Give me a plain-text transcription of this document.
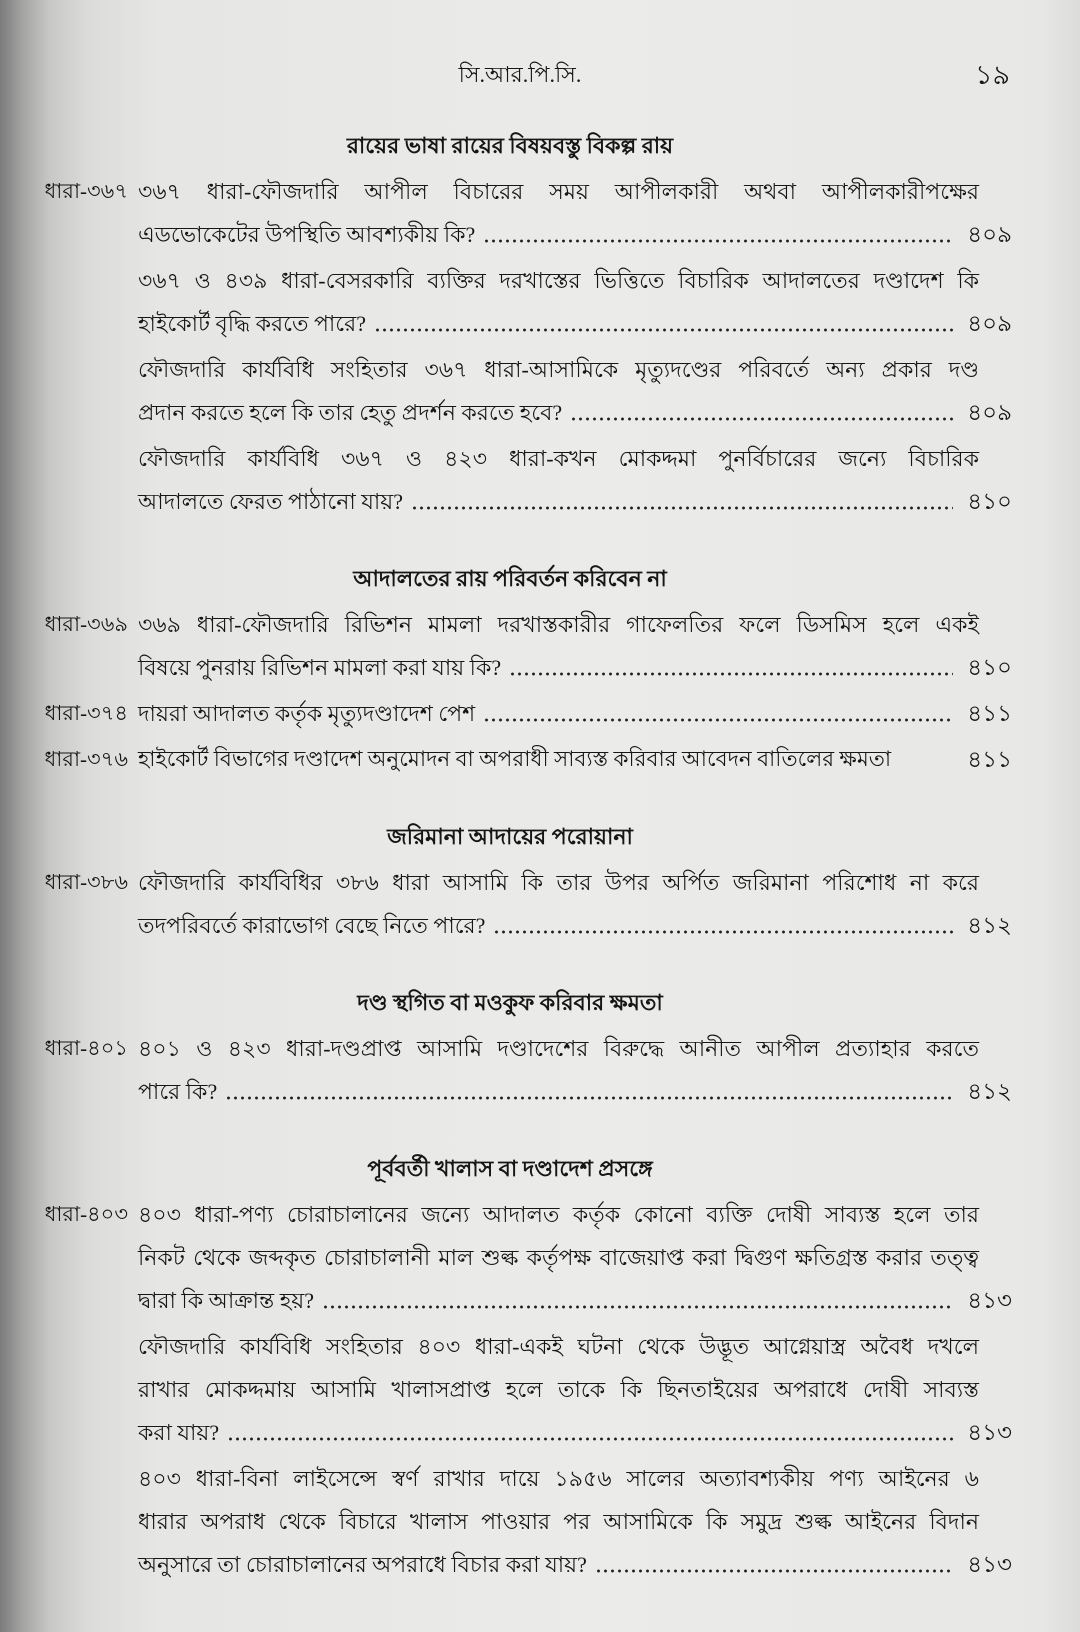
সি.আর.পি.সি.	১৯
রায়ের ভাষা রায়ের বিষয়বস্তু বিকল্প রায়
ধারা-৩৬৭ ৩৬৭ ধারা-ফৌজদারি আপীল বিচারের সময় আপীলকারী অথবা আপীলকারীপক্ষের
এডভোকেটের উপস্থিতি আবশ্যকীয় কি?	৪০৯
৩৬৭ ও ৪৩৯ ধারা-বেসরকারি ব্যক্তির দরখাস্তের ভিত্তিতে বিচারিক আদালতের দণ্ডাদেশ কি
হাইকোর্ট বৃদ্ধি করতে পারে?	৪০৯
ফৌজদারি কার্যবিধি সংহিতার ৩৬৭ ধারা-আসামিকে মৃত্যুদণ্ডের পরিবর্তে অন্য প্রকার দণ্ড
প্রদান করতে হলে কি তার হেতু প্রদর্শন করতে হবে?	৪০৯
ফৌজদারি কার্যবিধি ৩৬৭ ও ৪২৩ ধারা-কখন মোকদ্দমা পুনর্বিচারের জন্যে বিচারিক
আদালতে ফেরত পাঠানো যায়?	৪১০
আদালতের রায় পরিবর্তন করিবেন না
ধারা-৩৬৯ ৩৬৯ ধারা-ফৌজদারি রিভিশন মামলা দরখাস্তকারীর গাফেলতির ফলে ডিসমিস হলে একই
বিষয়ে পুনরায় রিভিশন মামলা করা যায় কি?	৪১০
ধারা-৩৭৪ দায়রা আদালত কর্তৃক মৃত্যুদণ্ডাদেশ পেশ	৪১১
ধারা-৩৭৬ হাইকোর্ট বিভাগের দণ্ডাদেশ অনুমোদন বা অপরাধী সাব্যস্ত করিবার আবেদন বাতিলের ক্ষমতা	৪১১
জরিমানা আদায়ের পরোয়ানা
ধারা-৩৮৬ ফৌজদারি কার্যবিধির ৩৮৬ ধারা আসামি কি তার উপর অর্পিত জরিমানা পরিশোধ না করে
তদপরিবর্তে কারাভোগ বেছে নিতে পারে?	৪১২
দণ্ড স্থগিত বা মওকুফ করিবার ক্ষমতা
ধারা-৪০১ ৪০১ ও ৪২৩ ধারা-দণ্ডপ্রাপ্ত আসামি দণ্ডাদেশের বিরুদ্ধে আনীত আপীল প্রত্যাহার করতে
পারে কি?	৪১২
পূর্ববর্তী খালাস বা দণ্ডাদেশ প্রসঙ্গে
ধারা-৪০৩ ৪০৩ ধারা-পণ্য চোরাচালানের জন্যে আদালত কর্তৃক কোনো ব্যক্তি দোষী সাব্যস্ত হলে তার
নিকট থেকে জব্দকৃত চোরাচালানী মাল শুল্ক কর্তৃপক্ষ বাজেয়াপ্ত করা দ্বিগুণ ক্ষতিগ্রস্ত করার তত্ত্ব
দ্বারা কি আক্রান্ত হয়?	৪১৩
ফৌজদারি কার্যবিধি সংহিতার ৪০৩ ধারা-একই ঘটনা থেকে উদ্ভূত আগ্নেয়াস্ত্র অবৈধ দখলে
রাখার মোকদ্দমায় আসামি খালাসপ্রাপ্ত হলে তাকে কি ছিনতাইয়ের অপরাধে দোষী সাব্যস্ত
করা যায়?	৪১৩
৪০৩ ধারা-বিনা লাইসেন্সে স্বর্ণ রাখার দায়ে ১৯৫৬ সালের অত্যাবশ্যকীয় পণ্য আইনের ৬
ধারার অপরাধ থেকে বিচারে খালাস পাওয়ার পর আসামিকে কি সমুদ্র শুল্ক আইনের বিদান
অনুসারে তা চোরাচালানের অপরাধে বিচার করা যায়?	৪১৩
